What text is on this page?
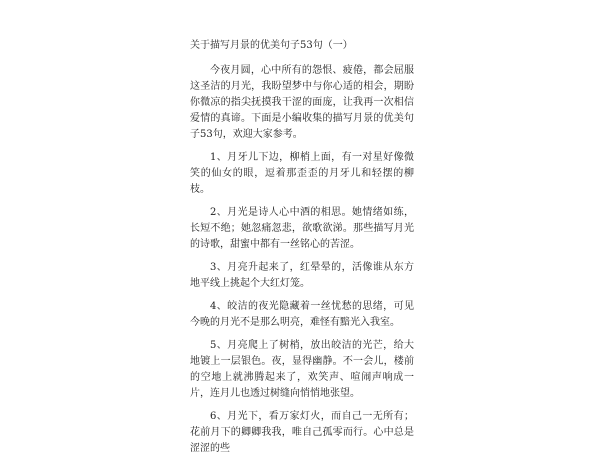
关于描写月景的优美句子53句（一）

今夜月圆，心中所有的怨恨、疲倦，都会屈服这圣洁的月光，我盼望梦中与你心适的相会，期盼你微凉的指尖抚摸我干涩的面庞，让我再一次相信爱情的真谛。下面是小编收集的描写月景的优美句子53句，欢迎大家参考。

1、月牙儿下边，柳梢上面，有一对星好像微笑的仙女的眼，逗着那歪歪的月牙儿和轻摆的柳枝。

2、月光是诗人心中酒的相思。她情绪如练，长短不绝；她忽痛忽悲，欲歌欲涕。那些描写月光的诗歌，甜蜜中都有一丝铭心的苦涩。

3、月亮升起来了，红晕晕的，活像谁从东方地平线上挑起个大红灯笼。

4、皎洁的夜光隐藏着一丝忧愁的思绪，可见今晚的月光不是那么明亮，难怪有黯光入我室。

5、月亮爬上了树梢，放出皎洁的光芒，给大地镀上一层银色。夜，显得幽静。不一会儿，楼前的空地上就沸腾起来了，欢笑声、喧闹声响成一片，连月儿也透过树缝向悄悄地张望。

6、月光下，看万家灯火，而自己一无所有；花前月下的卿卿我我，唯自己孤零而行。心中总是涩涩的些
